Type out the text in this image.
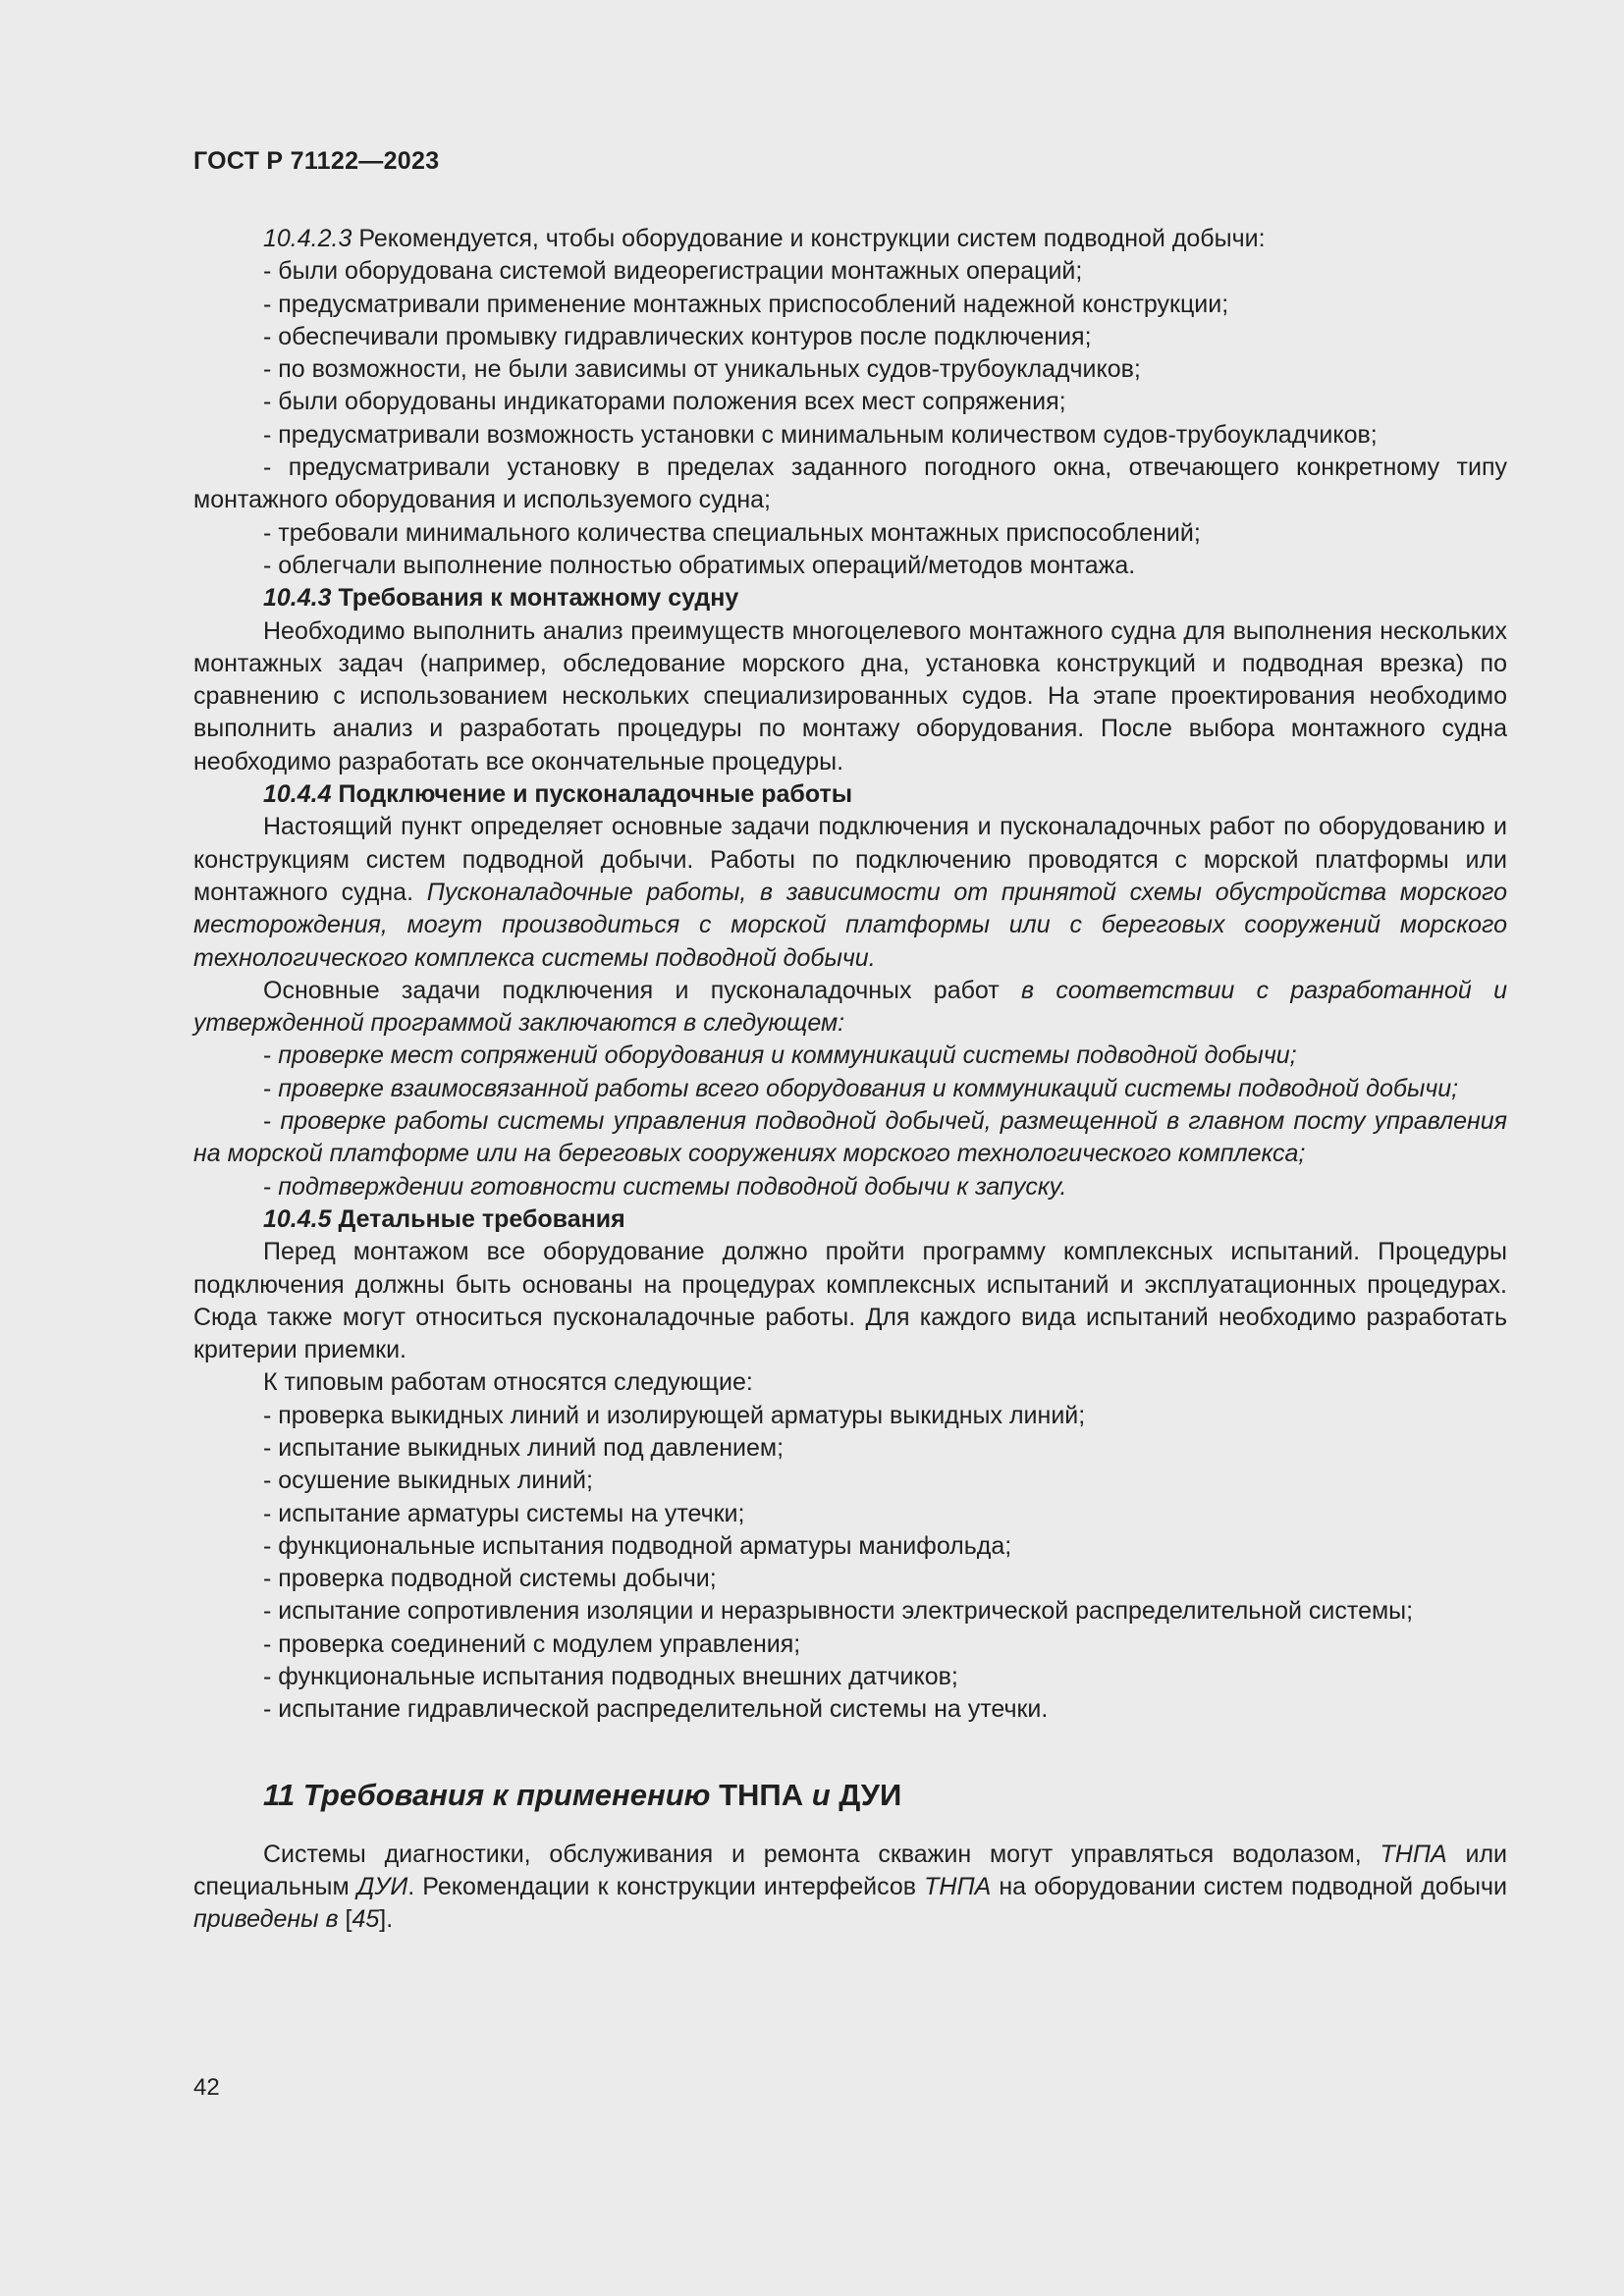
ГОСТ Р 71122—2023

10.4.2.3 Рекомендуется, чтобы оборудование и конструкции систем подводной добычи:

- были оборудована системой видеорегистрации монтажных операций;

- предусматривали применение монтажных приспособлений надежной конструкции;

- обеспечивали промывку гидравлических контуров после подключения;

- по возможности, не были зависимы от уникальных судов-трубоукладчиков;

- были оборудованы индикаторами положения всех мест сопряжения;

- предусматривали возможность установки с минимальным количеством судов-трубоукладчиков;

- предусматривали установку в пределах заданного погодного окна, отвечающего конкретному типу монтажного оборудования и используемого судна;

- требовали минимального количества специальных монтажных приспособлений;

- облегчали выполнение полностью обратимых операций/методов монтажа.

10.4.3 Требования к монтажному судну

Необходимо выполнить анализ преимуществ многоцелевого монтажного судна для выполнения нескольких монтажных задач (например, обследование морского дна, установка конструкций и подводная врезка) по сравнению с использованием нескольких специализированных судов. На этапе проектирования необходимо выполнить анализ и разработать процедуры по монтажу оборудования. После выбора монтажного судна необходимо разработать все окончательные процедуры.

10.4.4 Подключение и пусконаладочные работы

Настоящий пункт определяет основные задачи подключения и пусконаладочных работ по оборудованию и конструкциям систем подводной добычи. Работы по подключению проводятся с морской платформы или монтажного судна. Пусконаладочные работы, в зависимости от принятой схемы обустройства морского месторождения, могут производиться с морской платформы или с береговых сооружений морского технологического комплекса системы подводной добычи.

Основные задачи подключения и пусконаладочных работ в соответствии с разработанной и утвержденной программой заключаются в следующем:

- проверке мест сопряжений оборудования и коммуникаций системы подводной добычи;

- проверке взаимосвязанной работы всего оборудования и коммуникаций системы подводной добычи;

- проверке работы системы управления подводной добычей, размещенной в главном посту управления на морской платформе или на береговых сооружениях морского технологического комплекса;

- подтверждении готовности системы подводной добычи к запуску.

10.4.5 Детальные требования

Перед монтажом все оборудование должно пройти программу комплексных испытаний. Процедуры подключения должны быть основаны на процедурах комплексных испытаний и эксплуатационных процедурах. Сюда также могут относиться пусконаладочные работы. Для каждого вида испытаний необходимо разработать критерии приемки.

К типовым работам относятся следующие:

- проверка выкидных линий и изолирующей арматуры выкидных линий;

- испытание выкидных линий под давлением;

- осушение выкидных линий;

- испытание арматуры системы на утечки;

- функциональные испытания подводной арматуры манифольда;

- проверка подводной системы добычи;

- испытание сопротивления изоляции и неразрывности электрической распределительной системы;

- проверка соединений с модулем управления;

- функциональные испытания подводных внешних датчиков;

- испытание гидравлической распределительной системы на утечки.

11 Требования к применению ТНПА и ДУИ

Системы диагностики, обслуживания и ремонта скважин могут управляться водолазом, ТНПА или специальным ДУИ. Рекомендации к конструкции интерфейсов ТНПА на оборудовании систем подводной добычи приведены в [45].

42
